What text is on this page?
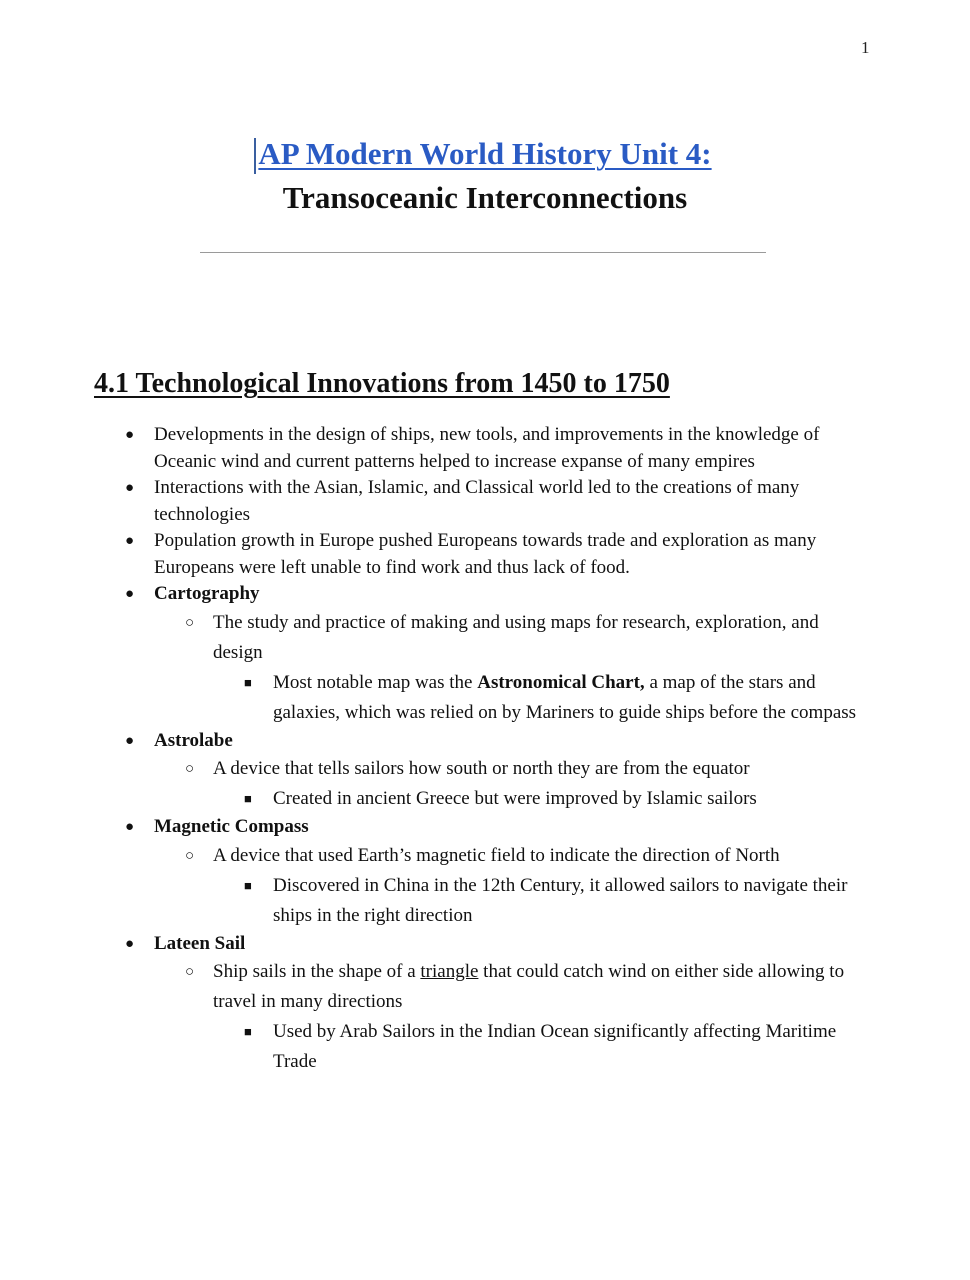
1
AP Modern World History Unit 4:
Transoceanic Interconnections
4.1 Technological Innovations from 1450 to 1750
● Developments in the design of ships, new tools, and improvements in the knowledge of Oceanic wind and current patterns helped to increase expanse of many empires
● Interactions with the Asian, Islamic, and Classical world led to the creations of many technologies
● Population growth in Europe pushed Europeans towards trade and exploration as many Europeans were left unable to find work and thus lack of food.
● Cartography
○ The study and practice of making and using maps for research, exploration, and design
■ Most notable map was the Astronomical Chart, a map of the stars and galaxies, which was relied on by Mariners to guide ships before the compass
● Astrolabe
○ A device that tells sailors how south or north they are from the equator
■ Created in ancient Greece but were improved by Islamic sailors
● Magnetic Compass
○ A device that used Earth’s magnetic field to indicate the direction of North
■ Discovered in China in the 12th Century, it allowed sailors to navigate their ships in the right direction
● Lateen Sail
○ Ship sails in the shape of a triangle that could catch wind on either side allowing to travel in many directions
■ Used by Arab Sailors in the Indian Ocean significantly affecting Maritime Trade
